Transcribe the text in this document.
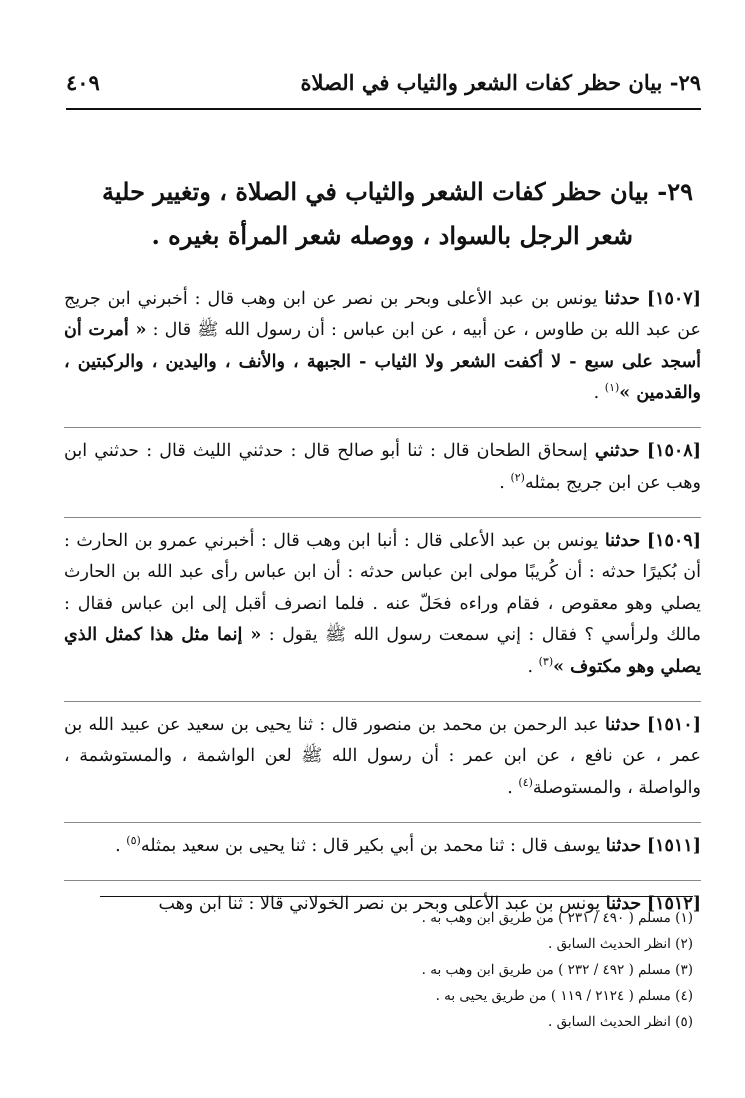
٢٩- بيان حظر كفات الشعر والثياب في الصلاة
٤٠٩
٢٩- بيان حظر كفات الشعر والثياب في الصلاة ، وتغيير حلية
شعر الرجل بالسواد ، ووصله شعر المرأة بغيره .

[١٥٠٧] حدثنا يونس بن عبد الأعلى وبحر بن نصر عن ابن وهب قال : أخبرني ابن جريج عن عبد الله بن طاوس ، عن أبيه ، عن ابن عباس : أن رسول الله ﷺ قال : « أمرت أن أسجد على سبع - لا أكفت الشعر ولا الثياب - الجبهة ، والأنف ، واليدين ، والركبتين ، والقدمين »$^{(١)}$ .

[١٥٠٨] حدثني إسحاق الطحان قال : ثنا أبو صالح قال : حدثني الليث قال : حدثني ابن وهب عن ابن جريج بمثله$^{(٢)}$ .

[١٥٠٩] حدثنا يونس بن عبد الأعلى قال : أنبا ابن وهب قال : أخبرني عمرو بن الحارث : أن بُكيرًا حدثه : أن كُريبًا مولى ابن عباس حدثه : أن ابن عباس رأى عبد الله بن الحارث يصلي وهو معقوص ، فقام وراءه فحَلّ عنه . فلما انصرف أقبل إلى ابن عباس فقال : مالك ولرأسي ؟ فقال : إني سمعت رسول الله ﷺ يقول : « إنما مثل هذا كمثل الذي يصلي وهو مكتوف »$^{(٣)}$ .

[١٥١٠] حدثنا عبد الرحمن بن محمد بن منصور قال : ثنا يحيى بن سعيد عن عبيد الله بن عمر ، عن نافع ، عن ابن عمر : أن رسول الله ﷺ لعن الواشمة ، والمستوشمة ، والواصلة ، والمستوصلة$^{(٤)}$ .

[١٥١١] حدثنا يوسف قال : ثنا محمد بن أبي بكير قال : ثنا يحيى بن سعيد بمثله$^{(٥)}$ .

[١٥١٢] حدثنا يونس بن عبد الأعلى وبحر بن نصر الخولاني قالا : ثنا ابن وهب

(١) مسلم ( ٤٩٠ / ٢٣١ ) من طريق ابن وهب به .
(٢) انظر الحديث السابق .
(٣) مسلم ( ٤٩٢ / ٢٣٢ ) من طريق ابن وهب به .
(٤) مسلم ( ٢١٢٤ / ١١٩ ) من طريق يحيى به .
(٥) انظر الحديث السابق .
